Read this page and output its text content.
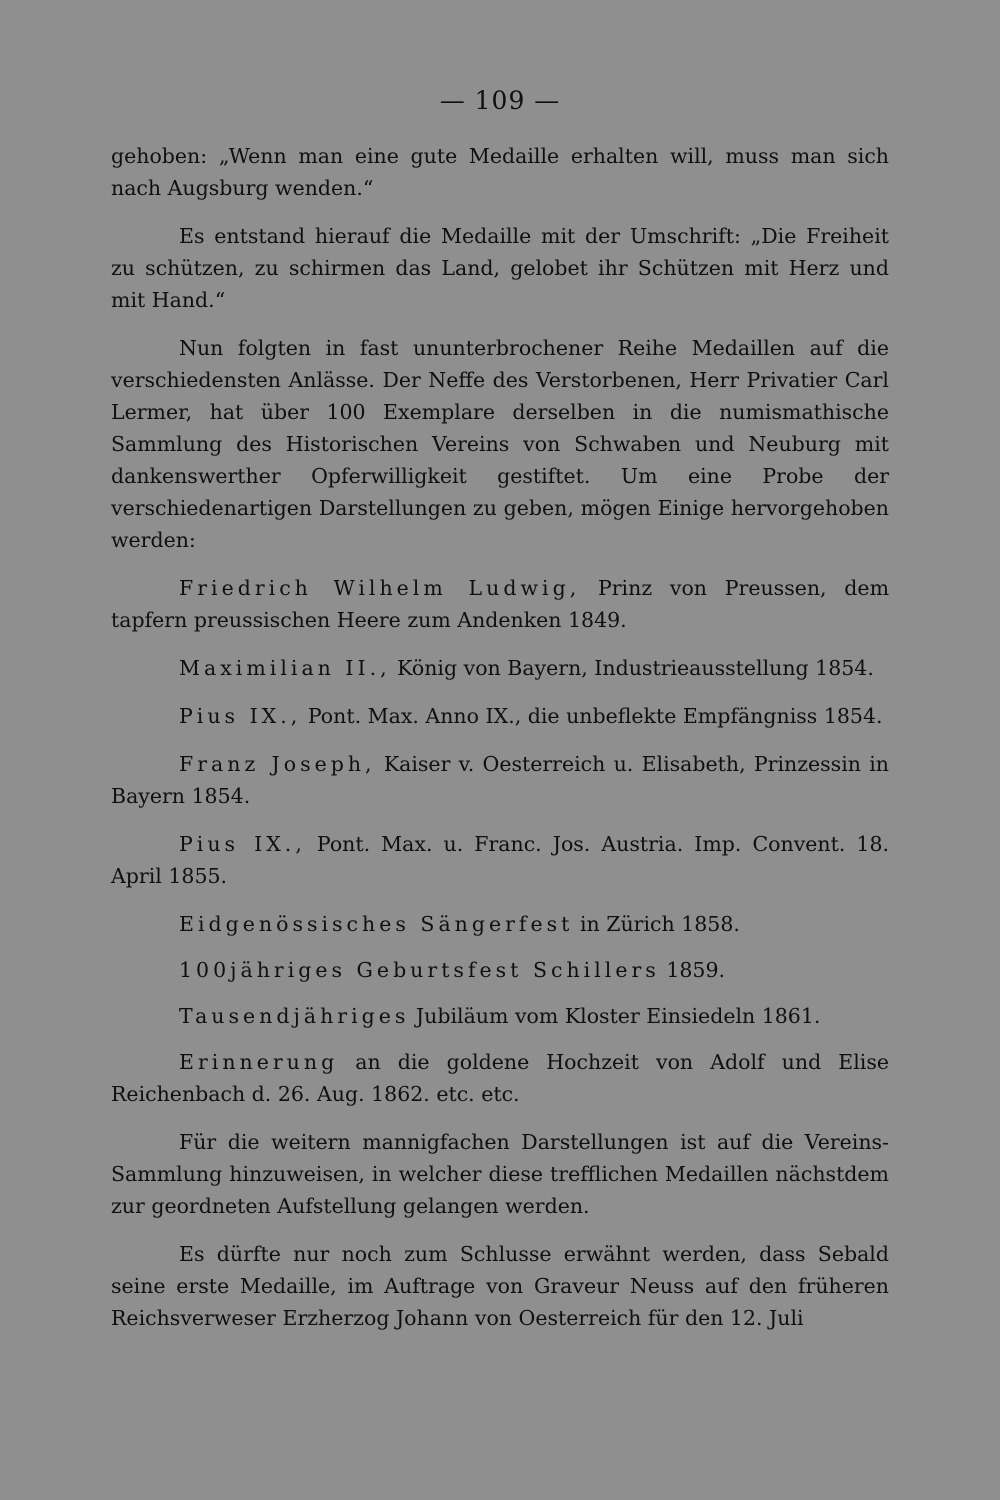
— 109 —

gehoben: „Wenn man eine gute Medaille erhalten will, muss man sich nach Augsburg wenden.“

Es entstand hierauf die Medaille mit der Umschrift: „Die Freiheit zu schützen, zu schirmen das Land, gelobet ihr Schützen mit Herz und mit Hand.“

Nun folgten in fast ununterbrochener Reihe Medaillen auf die verschiedensten Anlässe. Der Neffe des Verstorbenen, Herr Privatier Carl Lermer, hat über 100 Exemplare derselben in die numismathische Sammlung des Historischen Vereins von Schwaben und Neuburg mit dankenswerther Opferwilligkeit gestiftet. Um eine Probe der verschiedenartigen Darstellungen zu geben, mögen Einige hervorgehoben werden:

Friedrich Wilhelm Ludwig, Prinz von Preussen, dem tapfern preussischen Heere zum Andenken 1849.

Maximilian II., König von Bayern, Industrieausstellung 1854.

Pius IX., Pont. Max. Anno IX., die unbeflekte Empfängniss 1854.

Franz Joseph, Kaiser v. Oesterreich u. Elisabeth, Prinzessin in Bayern 1854.

Pius IX., Pont. Max. u. Franc. Jos. Austria. Imp. Convent. 18. April 1855.

Eidgenössisches Sängerfest in Zürich 1858.

100jähriges Geburtsfest Schillers 1859.

Tausendjähriges Jubiläum vom Kloster Einsiedeln 1861.

Erinnerung an die goldene Hochzeit von Adolf und Elise Reichenbach d. 26. Aug. 1862. etc. etc.

Für die weitern mannigfachen Darstellungen ist auf die Vereins-Sammlung hinzuweisen, in welcher diese trefflichen Medaillen nächstdem zur geordneten Aufstellung gelangen werden.

Es dürfte nur noch zum Schlusse erwähnt werden, dass Sebald seine erste Medaille, im Auftrage von Graveur Neuss auf den früheren Reichsverweser Erzherzog Johann von Oesterreich für den 12. Juli
